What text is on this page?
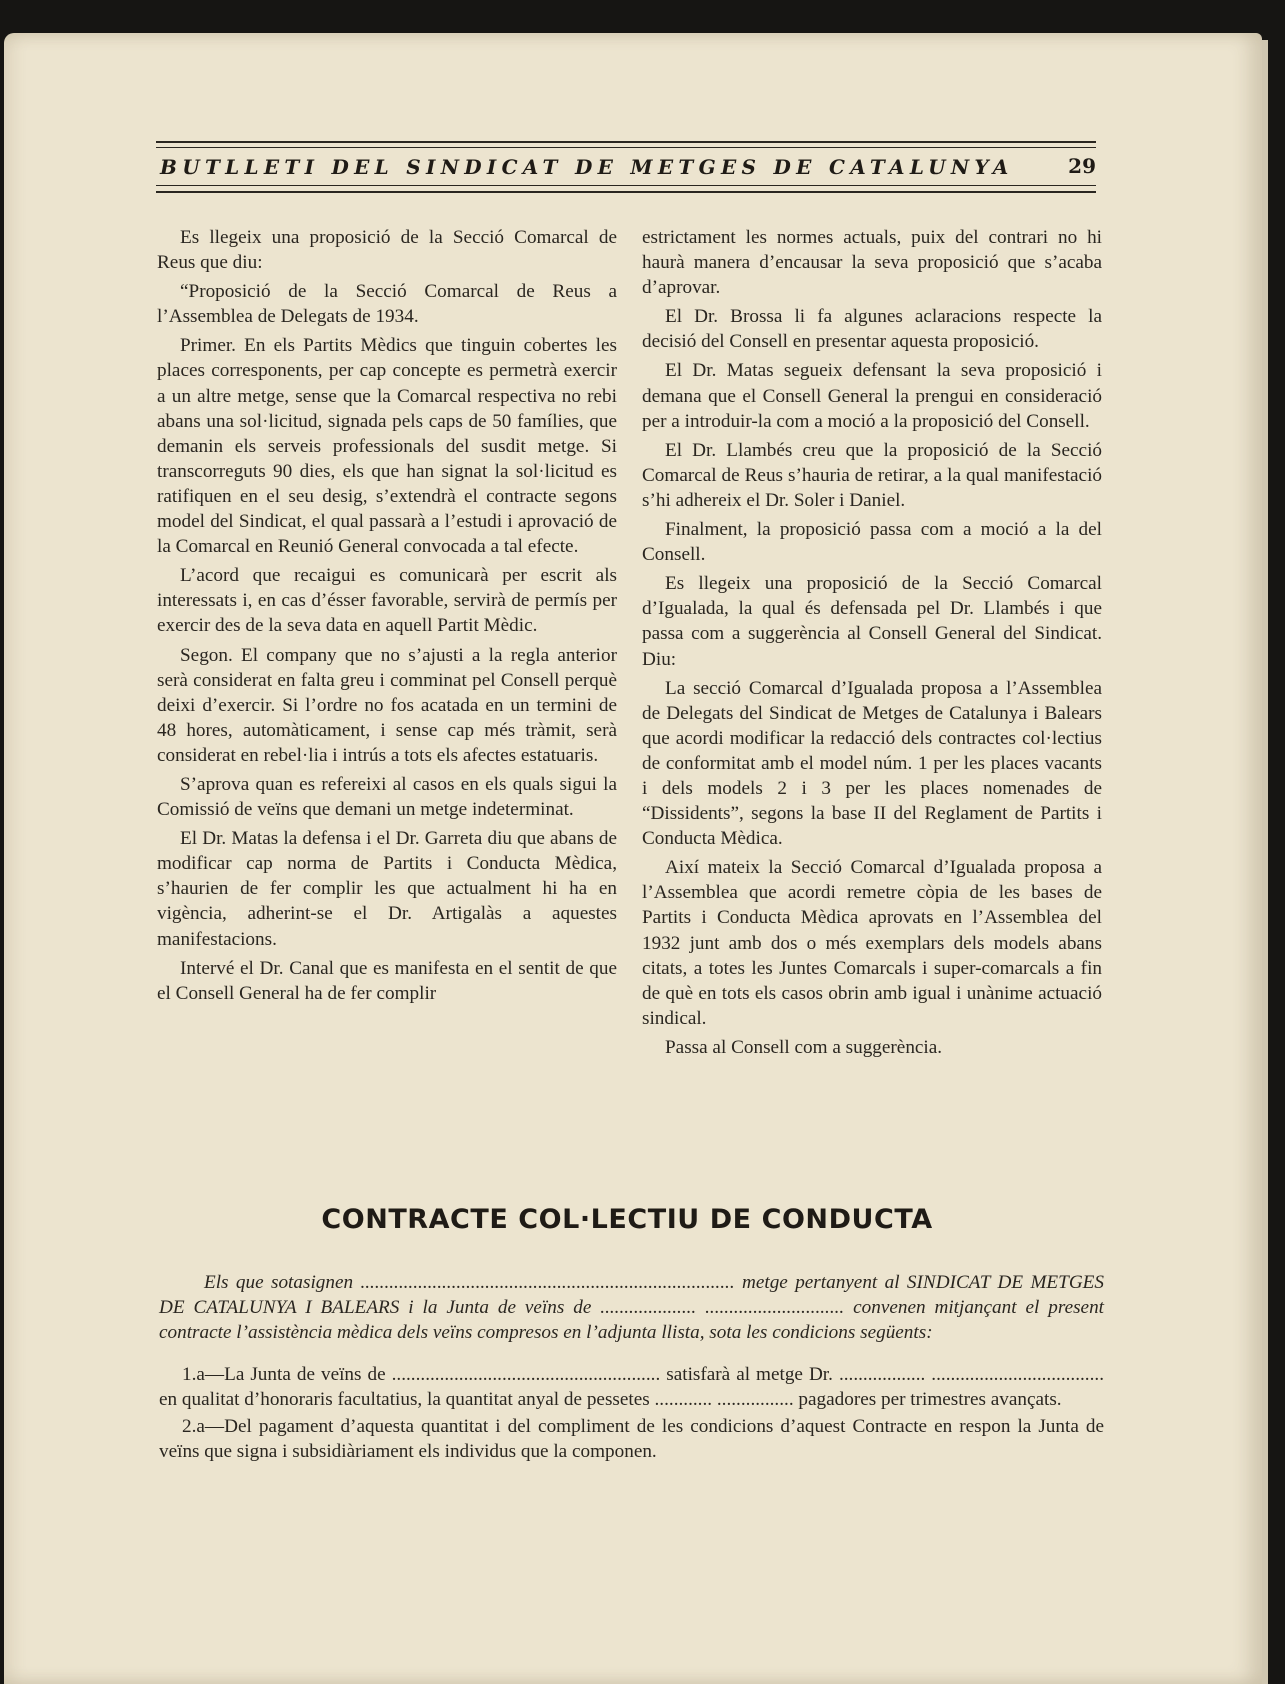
BUTLLETI DEL SINDICAT DE METGES DE CATALUNYA	29

Es llegeix una proposició de la Secció Comarcal de Reus que diu:

“Proposició de la Secció Comarcal de Reus a l’Assemblea de Delegats de 1934.

Primer. En els Partits Mèdics que tinguin cobertes les places corresponents, per cap concepte es permetrà exercir a un altre metge, sense que la Comarcal respectiva no rebi abans una sol·licitud, signada pels caps de 50 famílies, que demanin els serveis professionals del susdit metge. Si transcorreguts 90 dies, els que han signat la sol·licitud es ratifiquen en el seu desig, s’extendrà el contracte segons model del Sindicat, el qual passarà a l’estudi i aprovació de la Comarcal en Reunió General convocada a tal efecte.

L’acord que recaigui es comunicarà per escrit als interessats i, en cas d’ésser favorable, servirà de permís per exercir des de la seva data en aquell Partit Mèdic.

Segon. El company que no s’ajusti a la regla anterior serà considerat en falta greu i comminat pel Consell perquè deixi d’exercir. Si l’ordre no fos acatada en un termini de 48 hores, automàticament, i sense cap més tràmit, serà considerat en rebel·lia i intrús a tots els afectes estatuaris.

S’aprova quan es refereixi al casos en els quals sigui la Comissió de veïns que demani un metge indeterminat.

El Dr. Matas la defensa i el Dr. Garreta diu que abans de modificar cap norma de Partits i Conducta Mèdica, s’haurien de fer complir les que actualment hi ha en vigència, adherint-se el Dr. Artigalàs a aquestes manifestacions.

Intervé el Dr. Canal que es manifesta en el sentit de que el Consell General ha de fer complir

estrictament les normes actuals, puix del contrari no hi haurà manera d’encausar la seva proposició que s’acaba d’aprovar.

El Dr. Brossa li fa algunes aclaracions respecte la decisió del Consell en presentar aquesta proposició.

El Dr. Matas segueix defensant la seva proposició i demana que el Consell General la prengui en consideració per a introduir-la com a moció a la proposició del Consell.

El Dr. Llambés creu que la proposició de la Secció Comarcal de Reus s’hauria de retirar, a la qual manifestació s’hi adhereix el Dr. Soler i Daniel.

Finalment, la proposició passa com a moció a la del Consell.

Es llegeix una proposició de la Secció Comarcal d’Igualada, la qual és defensada pel Dr. Llambés i que passa com a suggerència al Consell General del Sindicat. Diu:

La secció Comarcal d’Igualada proposa a l’Assemblea de Delegats del Sindicat de Metges de Catalunya i Balears que acordi modificar la redacció dels contractes col·lectius de conformitat amb el model núm. 1 per les places vacants i dels models 2 i 3 per les places nomenades de “Dissidents”, segons la base II del Reglament de Partits i Conducta Mèdica.

Així mateix la Secció Comarcal d’Igualada proposa a l’Assemblea que acordi remetre còpia de les bases de Partits i Conducta Mèdica aprovats en l’Assemblea del 1932 junt amb dos o més exemplars dels models abans citats, a totes les Juntes Comarcals i super-comarcals a fin de què en tots els casos obrin amb igual i unànime actuació sindical.

Passa al Consell com a suggerència.

CONTRACTE COL·LECTIU DE CONDUCTA

Els que sotasignen .............................................................................. metge pertanyent al SINDICAT DE METGES DE CATALUNYA I BALEARS i la Junta de veïns de .................... ............................. convenen mitjançant el present contracte l’assistència mèdica dels veïns compresos en l’adjunta llista, sota les condicions següents:

1.a—La Junta de veïns de ........................................................ satisfarà al metge Dr. .................. .................................... en qualitat d’honoraris facultatius, la quantitat anyal de pessetes ............ ................ pagadores per trimestres avançats.

2.a—Del pagament d’aquesta quantitat i del compliment de les condicions d’aquest Contracte en respon la Junta de veïns que signa i subsidiàriament els individus que la componen.
